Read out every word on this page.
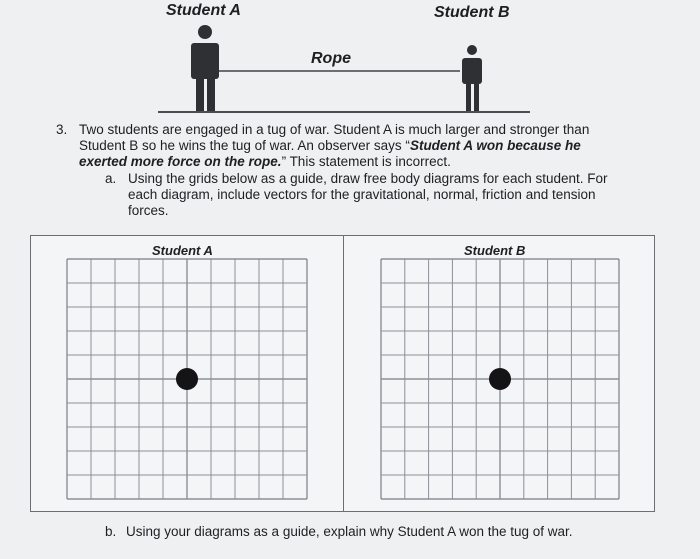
Student A	Student B
Rope
3. Two students are engaged in a tug of war. Student A is much larger and stronger than
Student B so he wins the tug of war. An observer says “Student A won because he
exerted more force on the rope.” This statement is incorrect.
a. Using the grids below as a guide, draw free body diagrams for each student. For
each diagram, include vectors for the gravitational, normal, friction and tension
forces.
Student A	Student B
b. Using your diagrams as a guide, explain why Student A won the tug of war.
